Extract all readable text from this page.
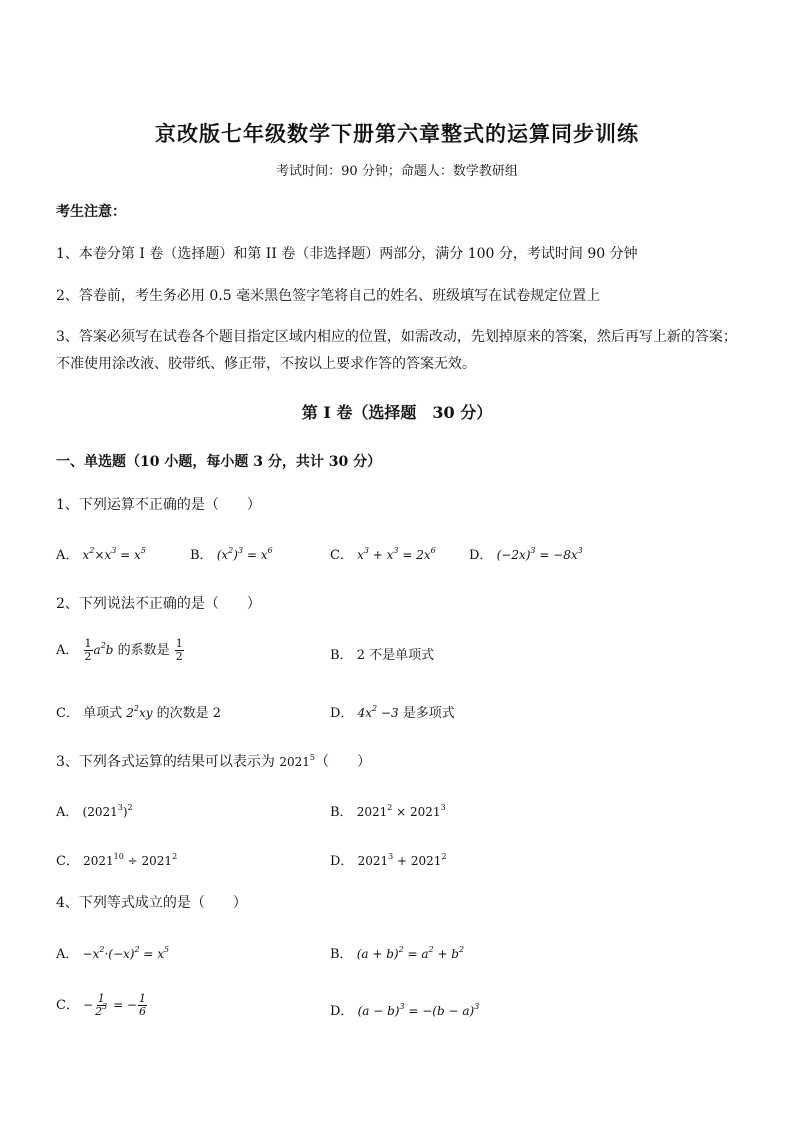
京改版七年级数学下册第六章整式的运算同步训练
考试时间：90 分钟；命题人：数学教研组
考生注意：
1、本卷分第 I 卷（选择题）和第 II 卷（非选择题）两部分，满分 100 分，考试时间 90 分钟
2、答卷前，考生务必用 0.5 毫米黑色签字笔将自己的姓名、班级填写在试卷规定位置上
3、答案必须写在试卷各个题目指定区域内相应的位置，如需改动，先划掉原来的答案，然后再写上新的答案；不准使用涂改液、胶带纸、修正带，不按以上要求作答的答案无效。
第 I 卷（选择题　30 分）
一、单选题（10 小题，每小题 3 分，共计 30 分）
1、下列运算不正确的是（　　）
A． $x^2\times x^3 = x^5$	B． $(x^2)^3 = x^6$	C． $x^3 + x^3 = 2x^6$	D． $(-2x)^3 = -8x^3$
2、下列说法不正确的是（　　）
A． $\frac{1}{2} a^2b$ 的系数是 $\frac{1}{2}$	B． 2 不是单项式
C． 单项式 $2^2xy$ 的次数是 2	D． $4x^2 -3$ 是多项式
3、下列各式运算的结果可以表示为 2021$^5$（　　）
A． $(2021^3)^2$	B． $2021^2 \times 2021^3$
C． $2021^{10} \div 2021^2$	D． $2021^3 + 2021^2$
4、下列等式成立的是（　　）
A． $-x^2\cdot(-x)^2 = x^5$	B． $(a + b)^2 = a^2 + b^2$
C． − $\frac{1}{2^3}$ = − $\frac{1}{6}$	D． $(a - b)^3 = -(b - a)^3$
